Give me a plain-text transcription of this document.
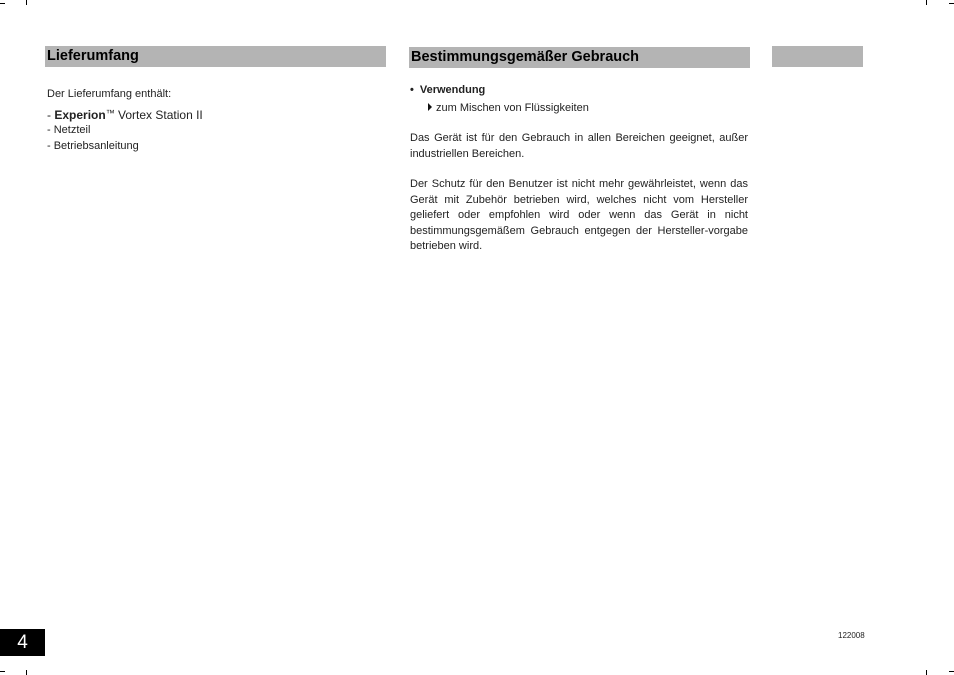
Lieferumfang
Der Lieferumfang enthält:
- Experion™ Vortex Station II
- Netzteil
- Betriebsanleitung
Bestimmungsgemäßer Gebrauch
• Verwendung
zum Mischen von Flüssigkeiten
Das Gerät ist für den Gebrauch in allen Bereichen geeignet, außer industriellen Bereichen.
Der Schutz für den Benutzer ist nicht mehr gewährleistet, wenn das Gerät mit Zubehör betrieben wird, welches nicht vom Hersteller geliefert oder empfohlen wird oder wenn das Gerät in nicht bestimmungsgemäßem Gebrauch entgegen der Hersteller-vorgabe betrieben wird.
4	122008
